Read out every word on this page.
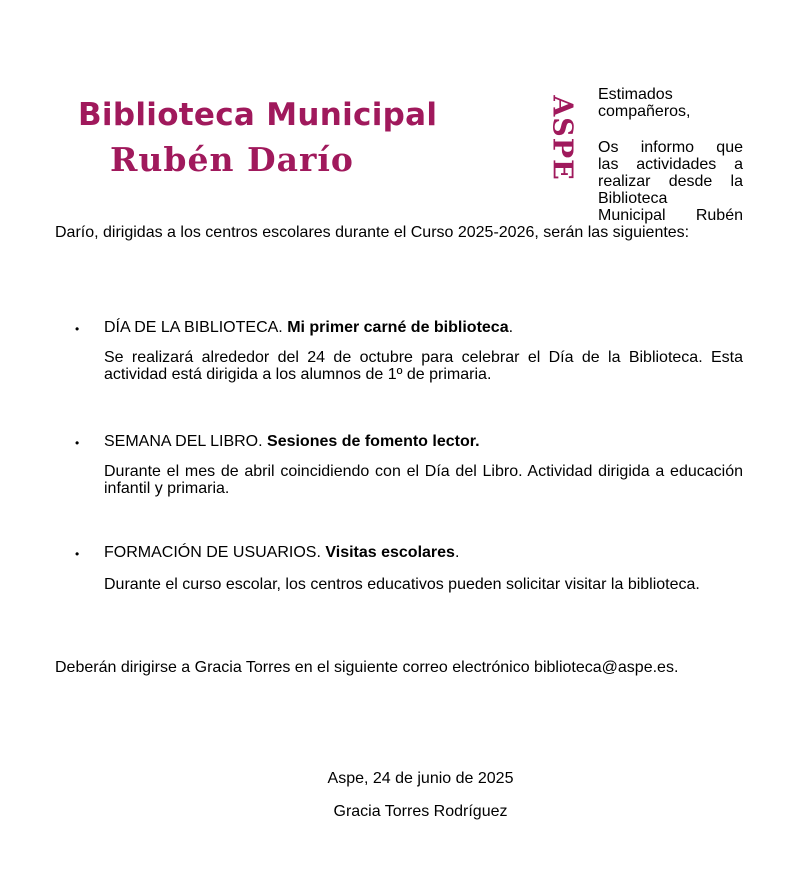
Biblioteca Municipal
Rubén Darío	ASPE
Estimados
compañeros,
Os informo que
las actividades a
realizar desde la
Biblioteca
Municipal Rubén
Darío, dirigidas a los centros escolares durante el Curso 2025-2026, serán las siguientes:
• DÍA DE LA BIBLIOTECA. Mi primer carné de biblioteca.
Se realizará alrededor del 24 de octubre para celebrar el Día de la Biblioteca. Esta actividad está dirigida a los alumnos de 1º de primaria.
• SEMANA DEL LIBRO. Sesiones de fomento lector.
Durante el mes de abril coincidiendo con el Día del Libro. Actividad dirigida a educación infantil y primaria.
• FORMACIÓN DE USUARIOS. Visitas escolares.
Durante el curso escolar, los centros educativos pueden solicitar visitar la biblioteca.
Deberán dirigirse a Gracia Torres en el siguiente correo electrónico biblioteca@aspe.es.
Aspe, 24 de junio de 2025
Gracia Torres Rodríguez
